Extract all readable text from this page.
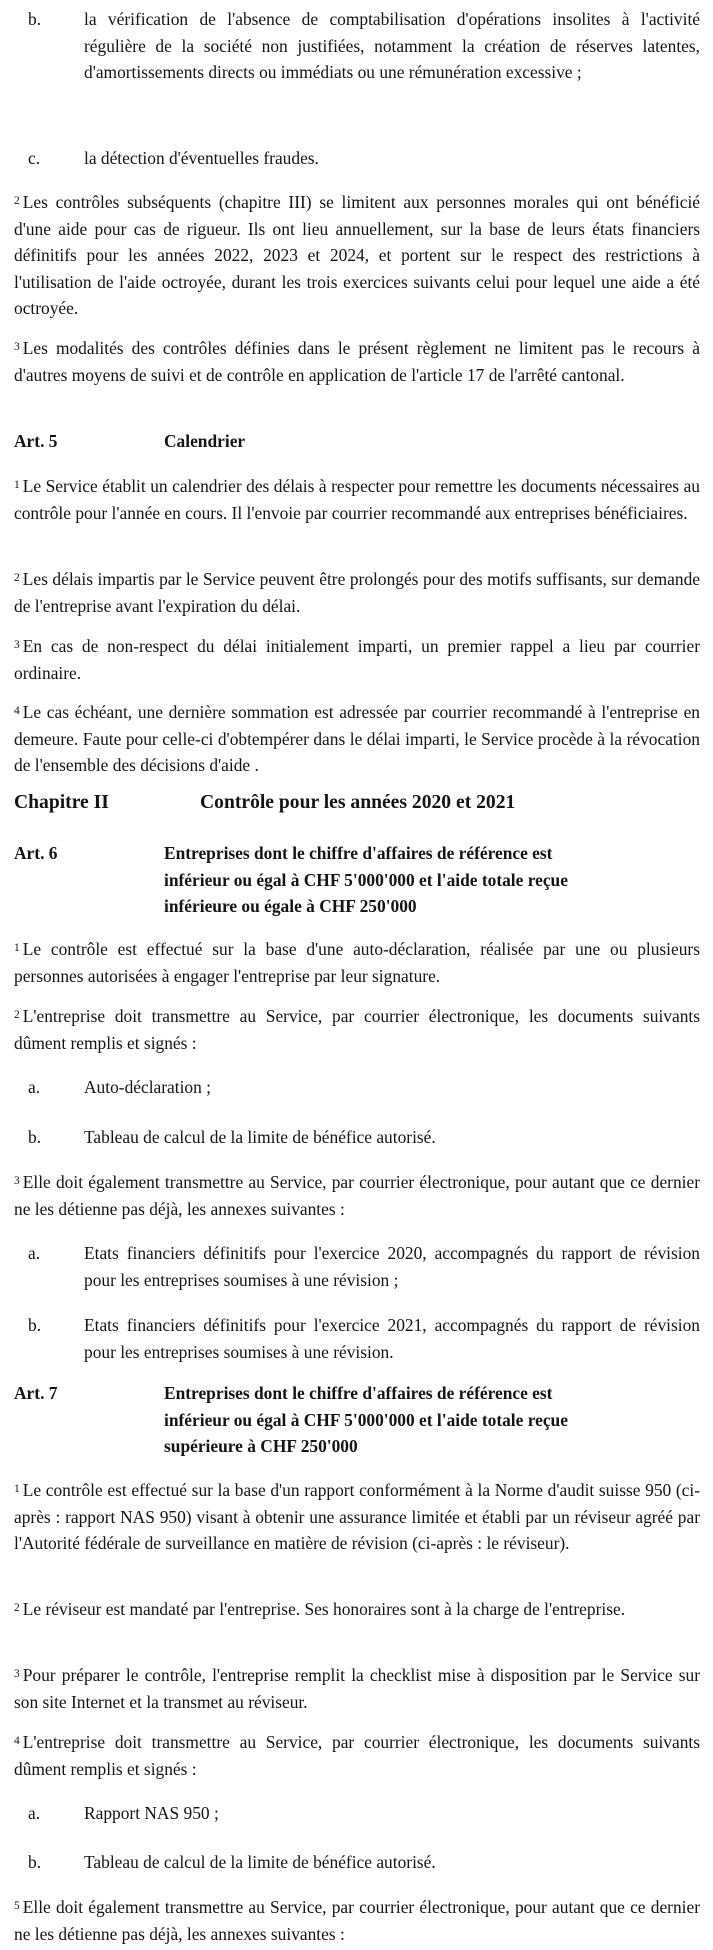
b. la vérification de l'absence de comptabilisation d'opérations insolites à l'activité régulière de la société non justifiées, notamment la création de réserves latentes, d'amortissements directs ou immédiats ou une rémunération excessive ;
c.	la détection d'éventuelles fraudes.

$^2$ Les contrôles subséquents (chapitre III) se limitent aux personnes morales qui ont bénéficié d'une aide pour cas de rigueur. Ils ont lieu annuellement, sur la base de leurs états financiers définitifs pour les années 2022, 2023 et 2024, et portent sur le respect des restrictions à l'utilisation de l'aide octroyée, durant les trois exercices suivants celui pour lequel une aide a été octroyée.

$^3$ Les modalités des contrôles définies dans le présent règlement ne limitent pas le recours à d'autres moyens de suivi et de contrôle en application de l'article 17 de l'arrêté cantonal.

Art. 5	Calendrier

$^1$ Le Service établit un calendrier des délais à respecter pour remettre les documents nécessaires au contrôle pour l'année en cours. Il l'envoie par courrier recommandé aux entreprises bénéficiaires.

$^2$ Les délais impartis par le Service peuvent être prolongés pour des motifs suffisants, sur demande de l'entreprise avant l'expiration du délai.

$^3$ En cas de non-respect du délai initialement imparti, un premier rappel a lieu par courrier ordinaire.

$^4$ Le cas échéant, une dernière sommation est adressée par courrier recommandé à l'entreprise en demeure. Faute pour celle-ci d'obtempérer dans le délai imparti, le Service procède à la révocation de l'ensemble des décisions d'aide .

Chapitre II	Contrôle pour les années 2020 et 2021
Art. 6	Entreprises dont le chiffre d'affaires de référence est inférieur ou égal à CHF 5'000'000 et l'aide totale reçue inférieure ou égale à CHF 250'000

$^1$ Le contrôle est effectué sur la base d'une auto-déclaration, réalisée par une ou plusieurs personnes autorisées à engager l'entreprise par leur signature.

$^2$ L'entreprise doit transmettre au Service, par courrier électronique, les documents suivants dûment remplis et signés :

a.	Auto-déclaration ;
b. Tableau de calcul de la limite de bénéfice autorisé.

$^3$ Elle doit également transmettre au Service, par courrier électronique, pour autant que ce dernier ne les détienne pas déjà, les annexes suivantes :

a.	Etats financiers définitifs pour l'exercice 2020, accompagnés du rapport de révision pour les entreprises soumises à une révision ;
b. Etats financiers définitifs pour l'exercice 2021, accompagnés du rapport de révision pour les entreprises soumises à une révision.
Art. 7	Entreprises dont le chiffre d'affaires de référence est inférieur ou égal à CHF 5'000'000 et l'aide totale reçue supérieure à CHF 250'000

$^1$ Le contrôle est effectué sur la base d'un rapport conformément à la Norme d'audit suisse 950 (ci-après : rapport NAS 950) visant à obtenir une assurance limitée et établi par un réviseur agréé par l'Autorité fédérale de surveillance en matière de révision (ci-après : le réviseur).

$^2$ Le réviseur est mandaté par l'entreprise. Ses honoraires sont à la charge de l'entreprise.

$^3$ Pour préparer le contrôle, l'entreprise remplit la checklist mise à disposition par le Service sur son site Internet et la transmet au réviseur.

$^4$ L'entreprise doit transmettre au Service, par courrier électronique, les documents suivants dûment remplis et signés :

a.	Rapport NAS 950 ;
b. Tableau de calcul de la limite de bénéfice autorisé.

$^5$ Elle doit également transmettre au Service, par courrier électronique, pour autant que ce dernier ne les détienne pas déjà, les annexes suivantes :
